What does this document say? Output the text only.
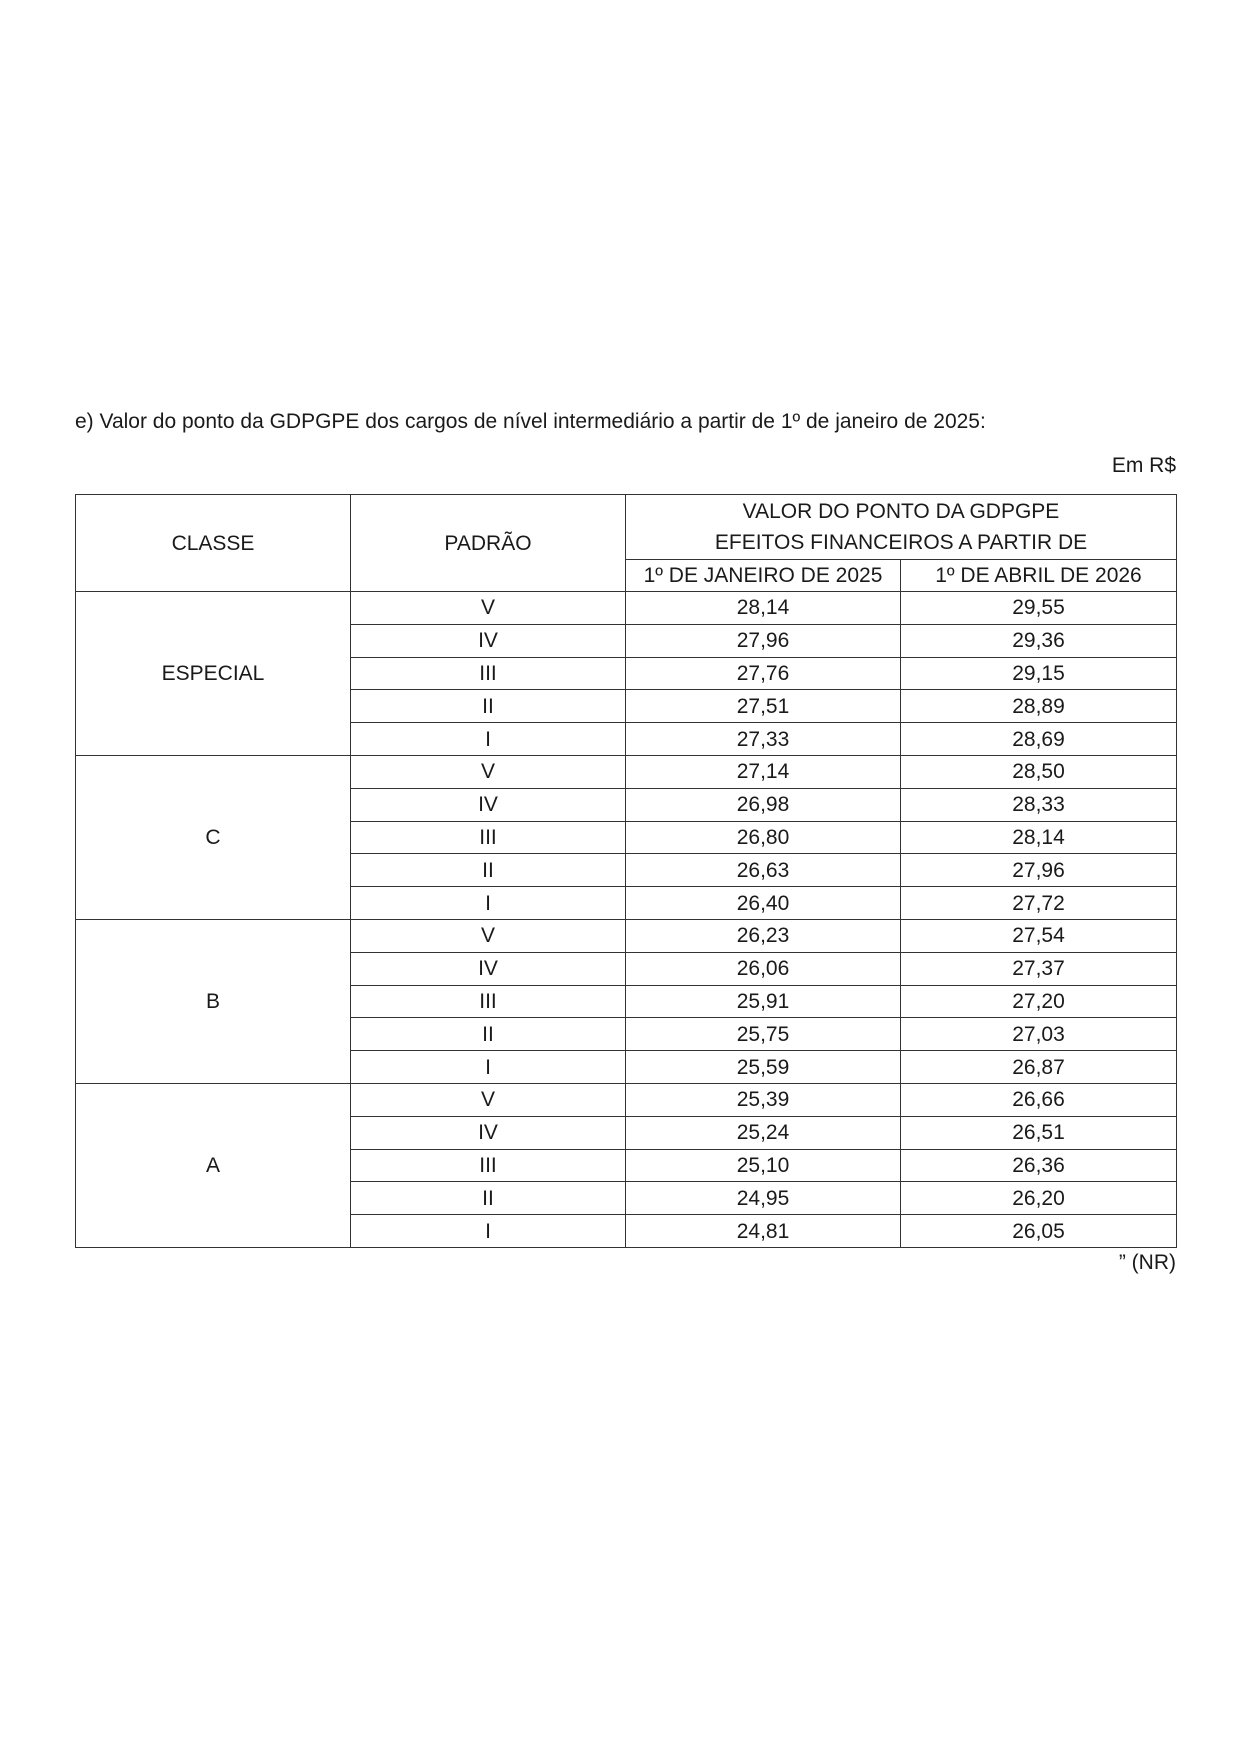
e) Valor do ponto da GDPGPE dos cargos de nível intermediário a partir de 1º de janeiro de 2025:
Em R$
CLASSE	PADRÃO	VALOR DO PONTO DA GDPGPE
EFEITOS FINANCEIROS A PARTIR DE	

		1º DE JANEIRO DE 2025	1º DE ABRIL DE 2026
ESPECIAL	V	28,14	29,55
	IV	27,96	29,36
	III	27,76	29,15
	II	27,51	28,89
	I	27,33	28,69
C	V	27,14	28,50
	IV	26,98	28,33
	III	26,80	28,14
	II	26,63	27,96
	I	26,40	27,72
B	V	26,23	27,54
	IV	26,06	27,37
	III	25,91	27,20
	II	25,75	27,03
	I	25,59	26,87
A	V	25,39	26,66
	IV	25,24	26,51
	III	25,10	26,36
	II	24,95	26,20
	I	24,81	26,05
” (NR)
